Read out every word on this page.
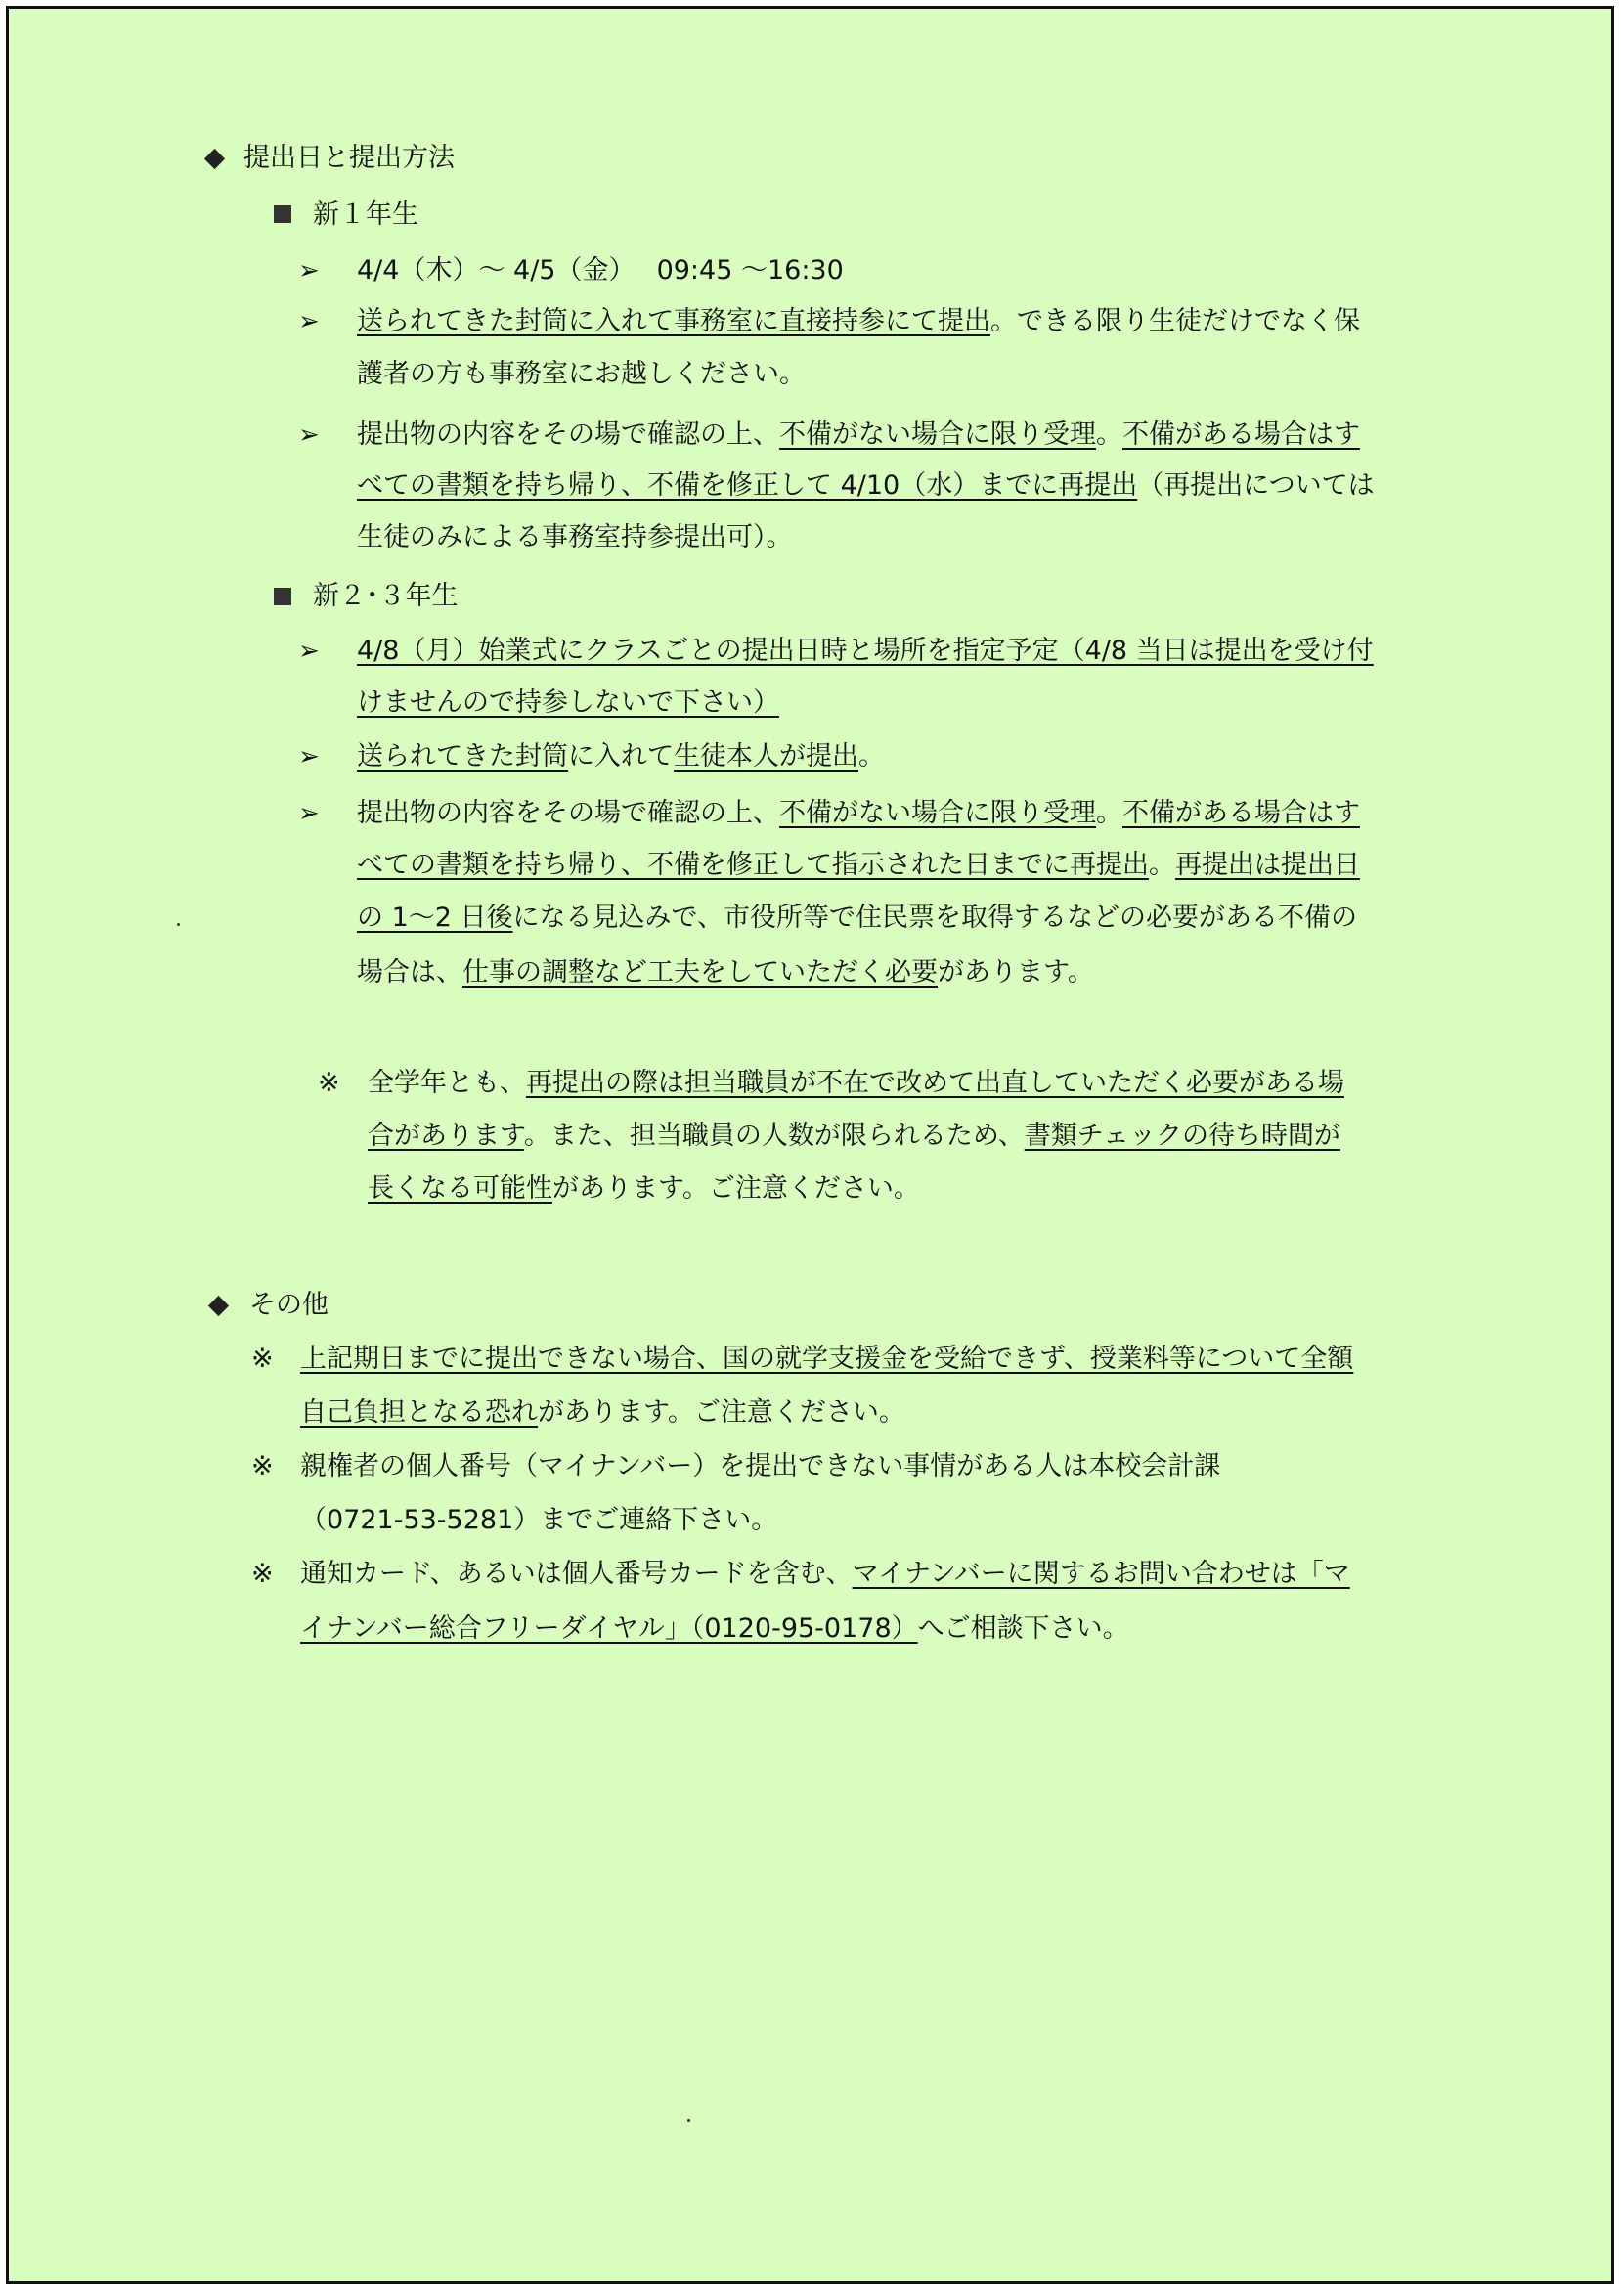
提出日と提出方法
新１年生
➢ 4/4（木）～ 4/5（金）　 09:45 ～16:30
➢ 送られてきた封筒に入れて事務室に直接持参にて提出。できる限り生徒だけでなく保
護者の方も事務室にお越しください。
➢ 提出物の内容をその場で確認の上、不備がない場合に限り受理。不備がある場合はす
べての書類を持ち帰り、不備を修正して 4/10（水）までに再提出（再提出については
生徒のみによる事務室持参提出可）。
新２･３年生
➢ 4/8（月）始業式にクラスごとの提出日時と場所を指定予定（4/8 当日は提出を受け付
けませんので持参しないで下さい）
➢ 送られてきた封筒に入れて生徒本人が提出。
➢ 提出物の内容をその場で確認の上、不備がない場合に限り受理。不備がある場合はす
べての書類を持ち帰り、不備を修正して指示された日までに再提出。再提出は提出日
の 1～2 日後になる見込みで、市役所等で住民票を取得するなどの必要がある不備の
場合は、仕事の調整など工夫をしていただく必要があります。
※ 全学年とも、再提出の際は担当職員が不在で改めて出直していただく必要がある場
合があります。また、担当職員の人数が限られるため、書類チェックの待ち時間が
長くなる可能性があります。ご注意ください。
その他
※ 上記期日までに提出できない場合、国の就学支援金を受給できず、授業料等について全額
自己負担となる恐れがあります。ご注意ください。
※ 親権者の個人番号（マイナンバー）を提出できない事情がある人は本校会計課
（0721-53-5281）までご連絡下さい。
※ 通知カード、あるいは個人番号カードを含む、マイナンバーに関するお問い合わせは「マ
イナンバー総合フリーダイヤル」（0120-95-0178）へご相談下さい。
